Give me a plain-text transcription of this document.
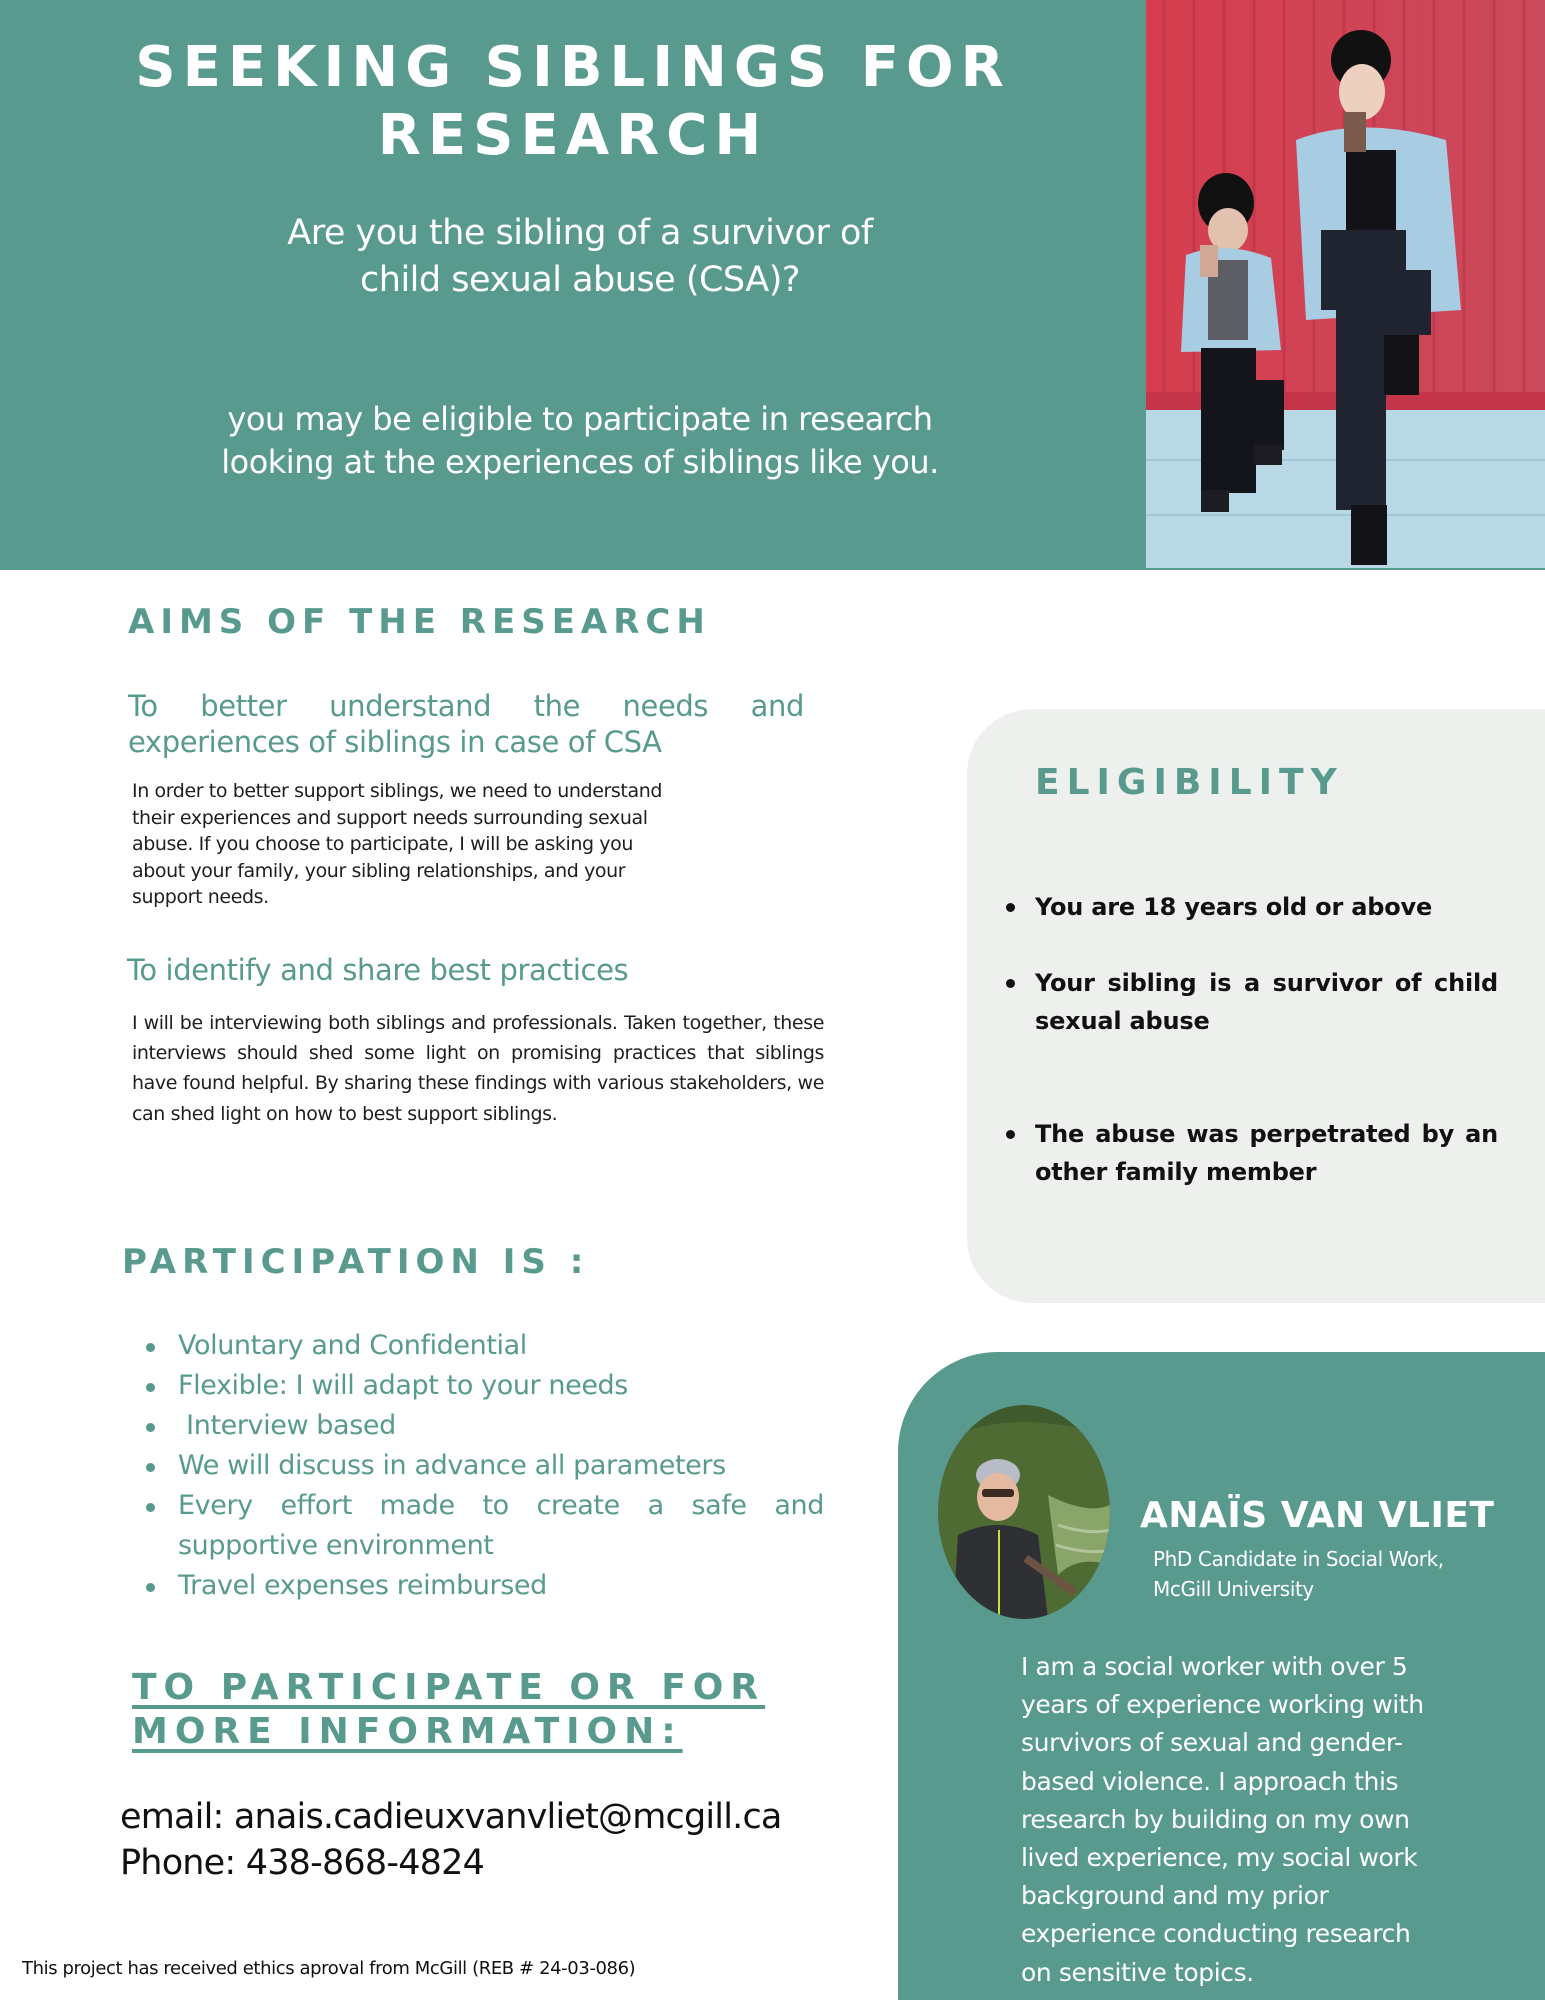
SEEKING SIBLINGS FOR
RESEARCH
Are you the sibling of a survivor of
child sexual abuse (CSA)?
you may be eligible to participate in research
looking at the experiences of siblings like you.
AIMS OF THE RESEARCH
To better understand the needs and experiences of siblings in case of CSA
In order to better support siblings, we need to understand
their experiences and support needs surrounding sexual
abuse. If you choose to participate, I will be asking you
about your family, your sibling relationships, and your
support needs.
To identify and share best practices
I will be interviewing both siblings and professionals. Taken together, these interviews should shed some light on promising practices that siblings have found helpful. By sharing these findings with various stakeholders, we can shed light on how to best support siblings.
PARTICIPATION IS :
Voluntary and Confidential
Flexible: I will adapt to your needs
Interview based
We will discuss in advance all parameters
Every effort made to create a safe and supportive environment
Travel expenses reimbursed
TO PARTICIPATE OR FOR
MORE INFORMATION:
email: anais.cadieuxvanvliet@mcgill.ca
Phone: 438-868-4824
This project has received ethics aproval from McGill (REB # 24-03-086)
ELIGIBILITY
You are 18 years old or above
Your sibling is a survivor of child sexual abuse
The abuse was perpetrated by an other family member
ANAÏS VAN VLIET
PhD Candidate in Social Work,
McGill University
I am a social worker with over 5
years of experience working with
survivors of sexual and gender-
based violence. I approach this
research by building on my own
lived experience, my social work
background and my prior
experience conducting research
on sensitive topics.
